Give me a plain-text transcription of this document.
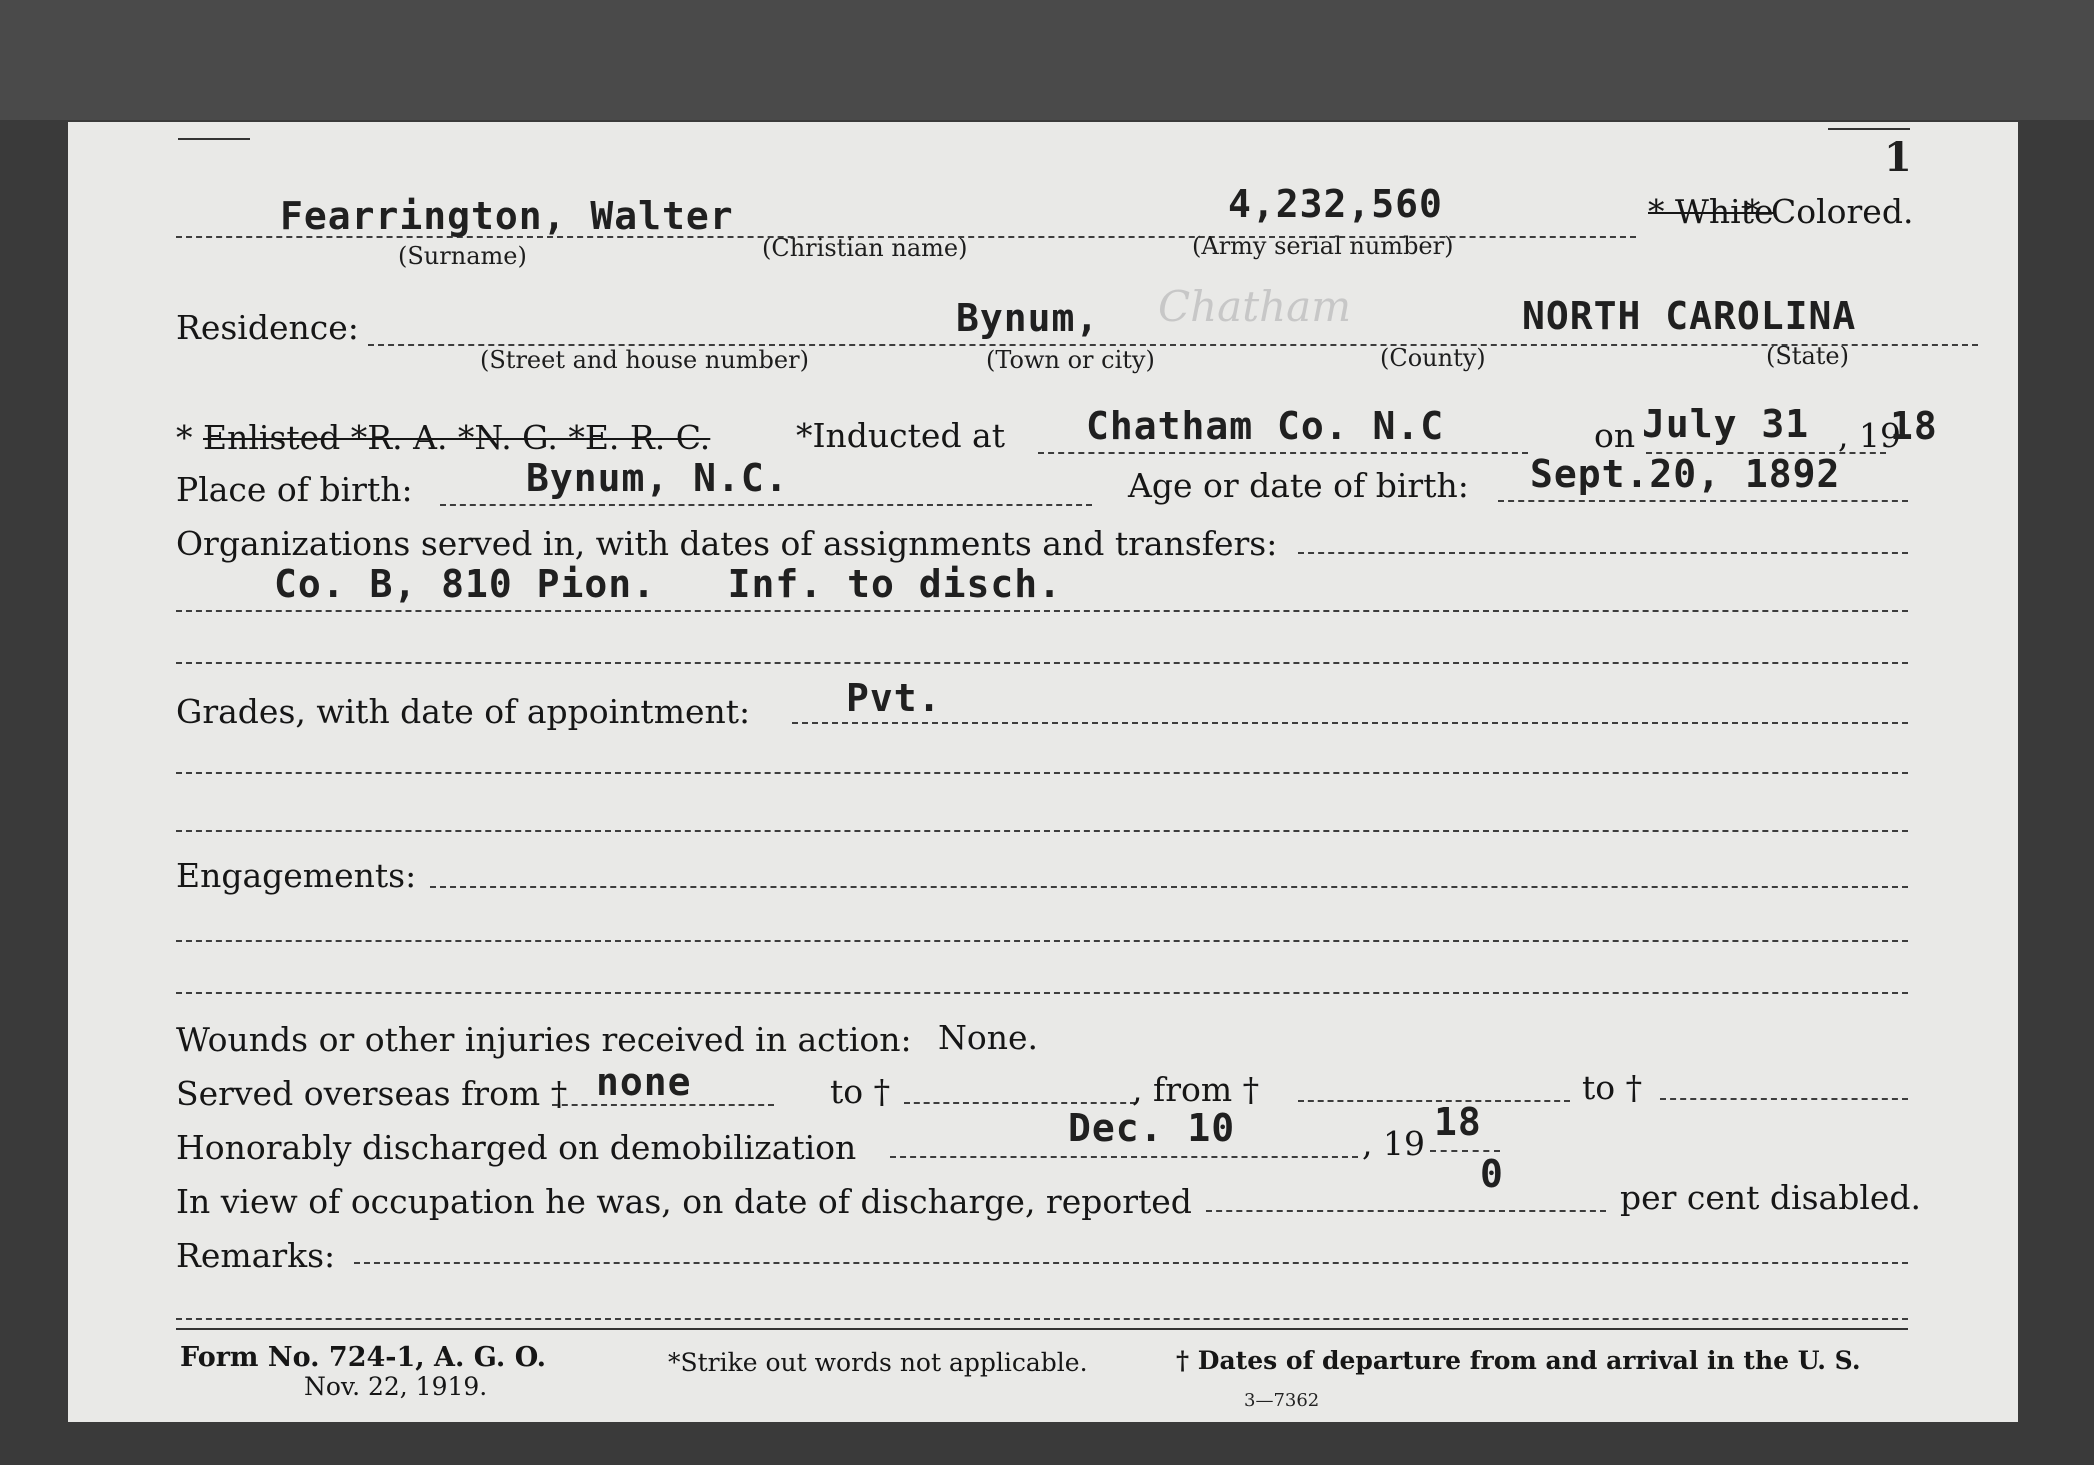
1
Fearrington, Walter	4,232,560	* White
* Colored.
(Surname)	(Christian name)	(Army serial number)
Residence:	Bynum, Chatham	NORTH CAROLINA
(Street and house number)	(Town or city)	(County)	(State)
* Enlisted *R. A. *N. G. *E. R. C.	*Inducted at Chatham Co. N.C	on July 31 , 19
18
Place of birth:	Bynum, N.C.	Age or date of birth: Sept.20, 1892
Organizations served in, with dates of assignments and transfers:
Co. B, 810 Pion.   Inf. to disch.
Grades, with date of appointment:	Pvt.
Engagements:
Wounds or other injuries received in action: None.
Served overseas from † none	to †	, from †	to †
Honorably discharged on demobilization	Dec. 10	, 19 18
In view of occupation he was, on date of discharge, reported
0
per cent disabled.
Remarks:
Form No. 724-1, A. G. O.
Nov. 22, 1919.
*Strike out words not applicable.	† Dates of departure from and arrival in the U. S.
3—7362
